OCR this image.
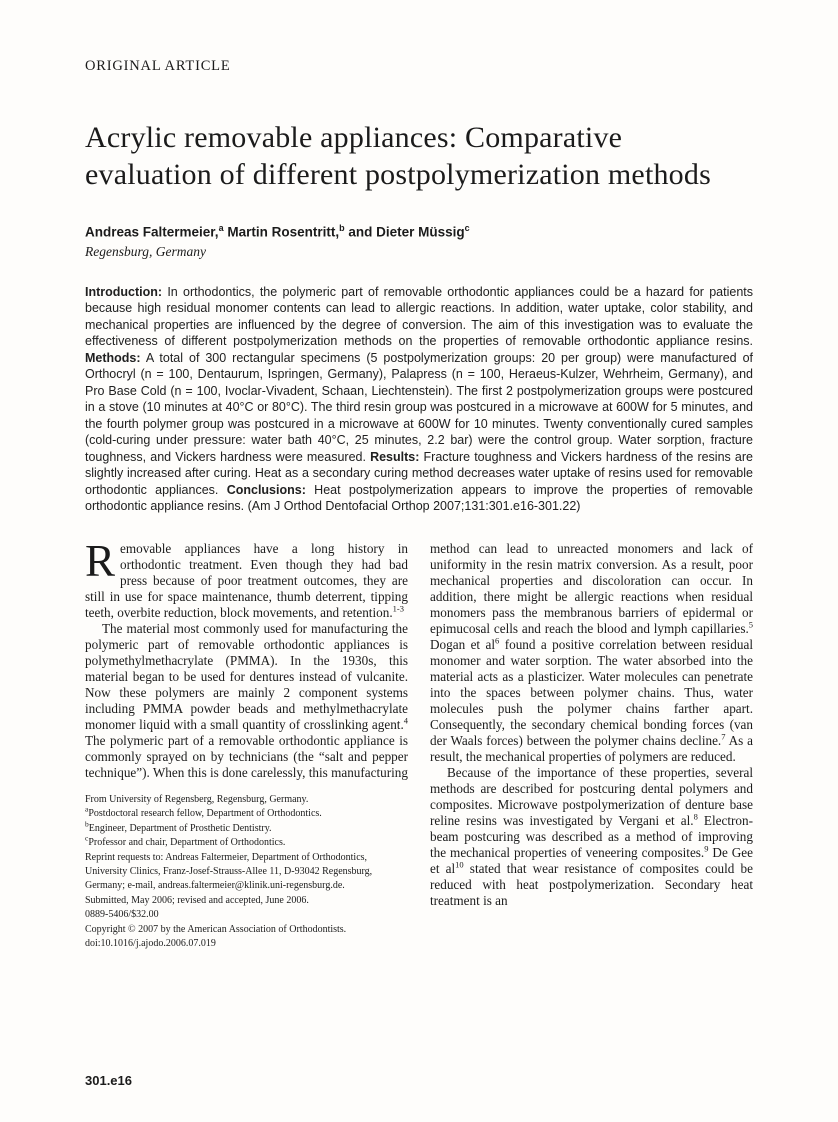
ORIGINAL ARTICLE
Acrylic removable appliances: Comparative evaluation of different postpolymerization methods

Andreas Faltermeier,$^a$ Martin Rosentritt,$^b$ and Dieter Müssig$^c$

Regensburg, Germany

Introduction: In orthodontics, the polymeric part of removable orthodontic appliances could be a hazard for patients because high residual monomer contents can lead to allergic reactions. In addition, water uptake, color stability, and mechanical properties are influenced by the degree of conversion. The aim of this investigation was to evaluate the effectiveness of different postpolymerization methods on the properties of removable orthodontic appliance resins. Methods: A total of 300 rectangular specimens (5 postpolymerization groups: 20 per group) were manufactured of Orthocryl (n = 100, Dentaurum, Ispringen, Germany), Palapress (n = 100, Heraeus-Kulzer, Wehrheim, Germany), and Pro Base Cold (n = 100, Ivoclar-Vivadent, Schaan, Liechtenstein). The first 2 postpolymerization groups were postcured in a stove (10 minutes at 40°C or 80°C). The third resin group was postcured in a microwave at 600W for 5 minutes, and the fourth polymer group was postcured in a microwave at 600W for 10 minutes. Twenty conventionally cured samples (cold-curing under pressure: water bath 40°C, 25 minutes, 2.2 bar) were the control group. Water sorption, fracture toughness, and Vickers hardness were measured. Results: Fracture toughness and Vickers hardness of the resins are slightly increased after curing. Heat as a secondary curing method decreases water uptake of resins used for removable orthodontic appliances. Conclusions: Heat postpolymerization appears to improve the properties of removable orthodontic appliance resins. (Am J Orthod Dentofacial Orthop 2007;131:301.e16-301.22)

Removable appliances have a long history in orthodontic treatment. Even though they had bad press because of poor treatment outcomes, they are still in use for space maintenance, thumb deterrent, tipping teeth, overbite reduction, block movements, and retention.$^{1-3}$

The material most commonly used for manufacturing the polymeric part of removable orthodontic appliances is polymethylmethacrylate (PMMA). In the 1930s, this material began to be used for dentures instead of vulcanite. Now these polymers are mainly 2 component systems including PMMA powder beads and methylmethacrylate monomer liquid with a small quantity of crosslinking agent.$^4$ The polymeric part of a removable orthodontic appliance is commonly sprayed on by technicians (the “salt and pepper technique”). When this is done carelessly, this manufacturing

From University of Regensberg, Regensburg, Germany.
$^a$Postdoctoral research fellow, Department of Orthodontics.
$^b$Engineer, Department of Prosthetic Dentistry.
$^c$Professor and chair, Department of Orthodontics.
Reprint requests to: Andreas Faltermeier, Department of Orthodontics, University Clinics, Franz-Josef-Strauss-Allee 11, D-93042 Regensburg, Germany; e-mail, andreas.faltermeier@klinik.uni-regensburg.de.
Submitted, May 2006; revised and accepted, June 2006.
0889-5406/$32.00
Copyright © 2007 by the American Association of Orthodontists.
doi:10.1016/j.ajodo.2006.07.019

method can lead to unreacted monomers and lack of uniformity in the resin matrix conversion. As a result, poor mechanical properties and discoloration can occur. In addition, there might be allergic reactions when residual monomers pass the membranous barriers of epidermal or epimucosal cells and reach the blood and lymph capillaries.$^5$ Dogan et al$^6$ found a positive correlation between residual monomer and water sorption. The water absorbed into the material acts as a plasticizer. Water molecules can penetrate into the spaces between polymer chains. Thus, water molecules push the polymer chains farther apart. Consequently, the secondary chemical bonding forces (van der Waals forces) between the polymer chains decline.$^7$ As a result, the mechanical properties of polymers are reduced.

Because of the importance of these properties, several methods are described for postcuring dental polymers and composites. Microwave postpolymerization of denture base reline resins was investigated by Vergani et al.$^8$ Electron-beam postcuring was described as a method of improving the mechanical properties of veneering composites.$^9$ De Gee et al$^{10}$ stated that wear resistance of composites could be reduced with heat postpolymerization. Secondary heat treatment is an

301.e16
